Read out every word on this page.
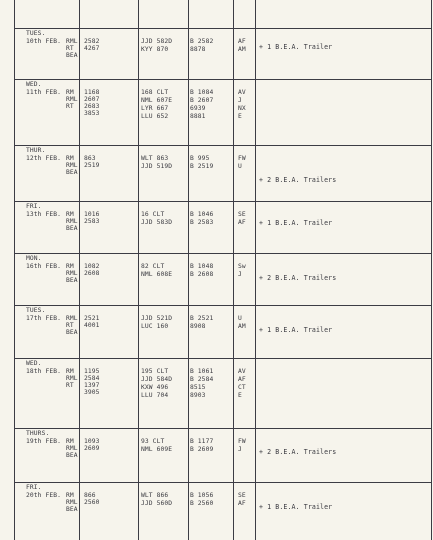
TUES.
10th FEB. RML
RT
BEA
2582
4267
JJD 582D
KYY 870
B 2582
8878
AF
AM + 1 B.E.A. Trailer
WED.
11th FEB. RM
RML
RT
1168
2607
2683
3853
168 CLT
NML 607E
LYR 667
LLU 652
B 1084
B 2607
6939
8881
AV
J
NX
E
THUR.
12th FEB. RM
RML
BEA
863
2519
WLT 863
JJD 519D
B 995
B 2519
FW
U
+ 2 B.E.A. Trailers
FRI.
13th FEB. RM
RML
BEA
1016
2583
16 CLT
JJD 583D
B 1046
B 2583
SE
AF + 1 B.E.A. Trailer
MON.
16th FEB. RM
RML
BEA
1082
2608
82 CLT
NML 608E
B 1048
B 2608
Sw
J	+ 2 B.E.A. Trailers
TUES.
17th FEB. RML
RT
BEA
2521
4001
JJD 521D
LUC 160
B 2521
8908
U
AM + 1 B.E.A. Trailer
WED.
18th FEB. RM
RML
RT
1195
2584
1397
3905
195 CLT
JJD 584D
KXW 496
LLU 704
B 1061
B 2584
8515
8903
AV
AF
CT
E
THURS.
19th FEB. RM
RML
BEA
1093
2609
93 CLT
NML 609E
B 1177
B 2609
FW
J	+ 2 B.E.A. Trailers
FRI.
20th FEB. RM
RML
BEA
866
2560
WLT 866
JJD 560D
B 1056
B 2560
SE
AF + 1 B.E.A. Trailer
